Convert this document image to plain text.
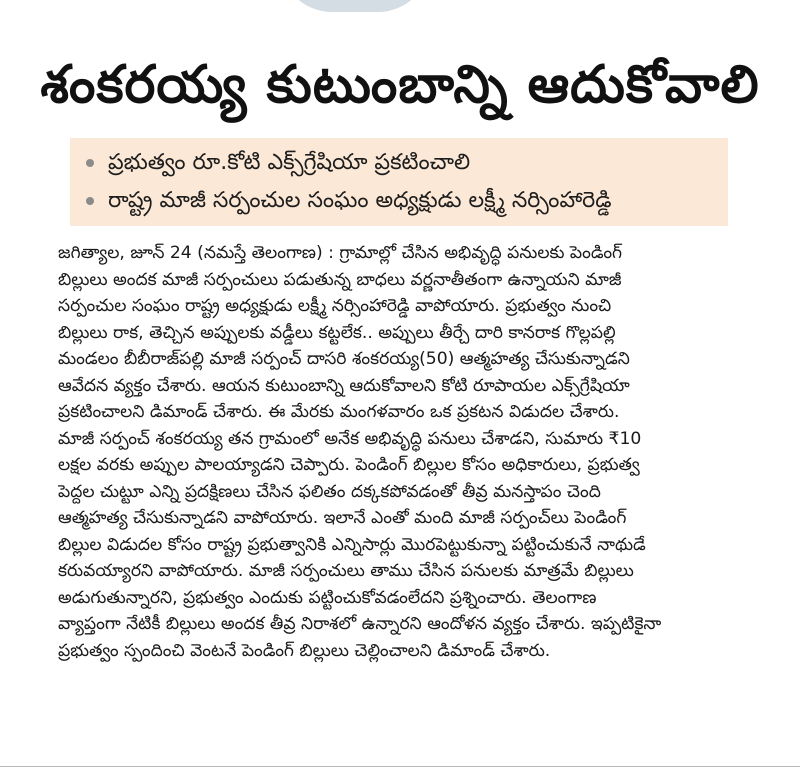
శంకరయ్య కుటుంబాన్ని ఆదుకోవాలి
ప్రభుత్వం రూ.కోటి ఎక్స్‌గ్రేషియా ప్రకటించాలి
రాష్ట్ర మాజీ సర్పంచుల సంఘం అధ్యక్షుడు లక్ష్మీ నర్సింహారెడ్డి

జగిత్యాల, జూన్ 24 (నమస్తే తెలంగాణ) : గ్రామాల్లో చేసిన అభివృద్ధి పనులకు పెండింగ్

బిల్లులు అందక మాజీ సర్పంచులు పడుతున్న బాధలు వర్ణనాతీతంగా ఉన్నాయని మాజీ

సర్పంచుల సంఘం రాష్ట్ర అధ్యక్షుడు లక్ష్మీ నర్సింహారెడ్డి వాపోయారు. ప్రభుత్వం నుంచి

బిల్లులు రాక, తెచ్చిన అప్పులకు వడ్డీలు కట్టలేక.. అప్పులు తీర్చే దారి కానరాక గొల్లపల్లి

మండలం బీబీరాజ్‌పల్లి మాజీ సర్పంచ్ దాసరి శంకరయ్య(50) ఆత్మహత్య చేసుకున్నాడని

ఆవేదన వ్యక్తం చేశారు. ఆయన కుటుంబాన్ని ఆదుకోవాలని కోటి రూపాయల ఎక్స్‌గ్రేషియా

ప్రకటించాలని డిమాండ్ చేశారు. ఈ మేరకు మంగళవారం ఒక ప్రకటన విడుదల చేశారు.

మాజీ సర్పంచ్ శంకరయ్య తన గ్రామంలో అనేక అభివృద్ధి పనులు చేశాడని, సుమారు ₹10

లక్షల వరకు అప్పుల పాలయ్యాడని చెప్పారు. పెండింగ్ బిల్లుల కోసం అధికారులు, ప్రభుత్వ

పెద్దల చుట్టూ ఎన్ని ప్రదక్షిణలు చేసిన ఫలితం దక్కకపోవడంతో తీవ్ర మనస్తాపం చెంది

ఆత్మహత్య చేసుకున్నాడని వాపోయారు. ఇలానే ఎంతో మంది మాజీ సర్పంచ్‌లు పెండింగ్

బిల్లుల విడుదల కోసం రాష్ట్ర ప్రభుత్వానికి ఎన్నిసార్లు మొరపెట్టుకున్నా పట్టించుకునే నాథుడే

కరువయ్యారని వాపోయారు. మాజీ సర్పంచులు తాము చేసిన పనులకు మాత్రమే బిల్లులు

అడుగుతున్నారని, ప్రభుత్వం ఎందుకు పట్టించుకోవడంలేదని ప్రశ్నించారు. తెలంగాణ

వ్యాప్తంగా నేటికీ బిల్లులు అందక తీవ్ర నిరాశలో ఉన్నారని ఆందోళన వ్యక్తం చేశారు. ఇప్పటికైనా

ప్రభుత్వం స్పందించి వెంటనే పెండింగ్ బిల్లులు చెల్లించాలని డిమాండ్ చేశారు.
